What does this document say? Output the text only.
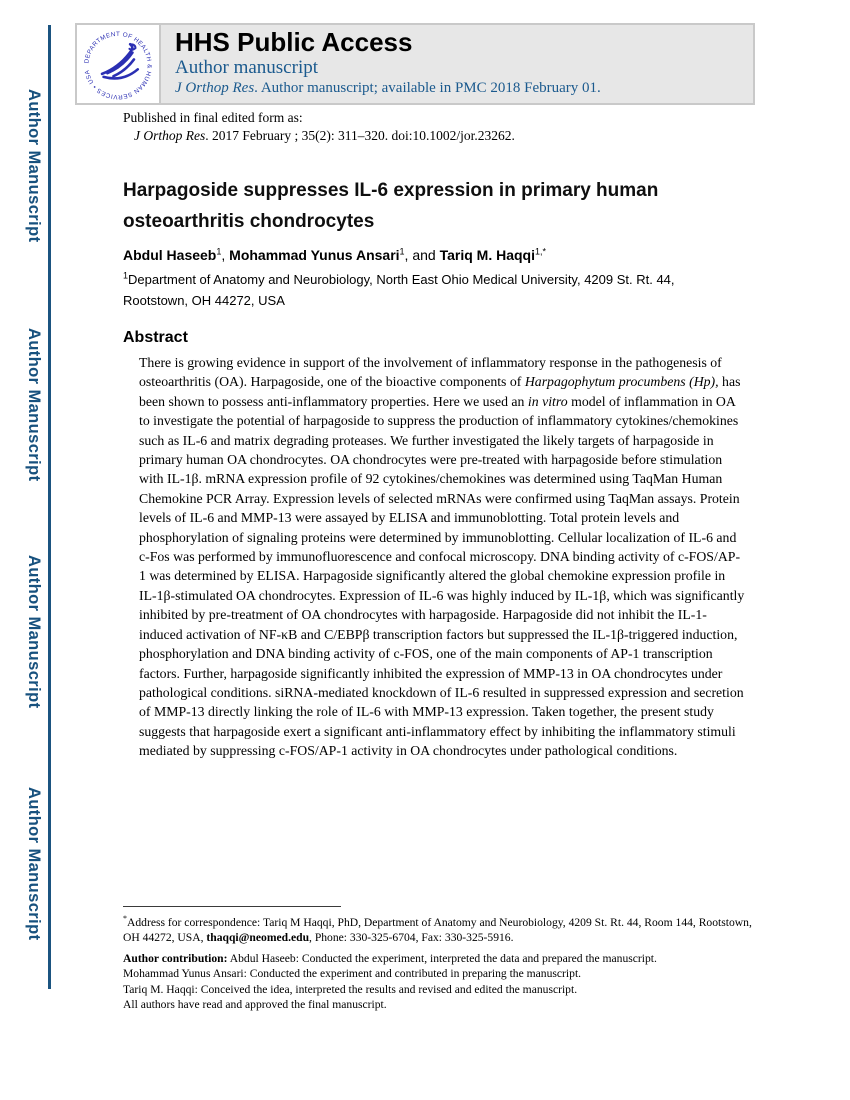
Author Manuscript
Author Manuscript
Author Manuscript
Author Manuscript
DEPARTMENT OF HEALTH & HUMAN SERVICES • USA
HHS Public Access
Author manuscript
J Orthop Res. Author manuscript; available in PMC 2018 February 01.
Published in final edited form as:
J Orthop Res. 2017 February ; 35(2): 311–320. doi:10.1002/jor.23262.
Harpagoside suppresses IL-6 expression in primary human osteoarthritis chondrocytes
Abdul Haseeb$^1$, Mohammad Yunus Ansari$^1$, and Tariq M. Haqqi$^{1,*}$
$^1$Department of Anatomy and Neurobiology, North East Ohio Medical University, 4209 St. Rt. 44, Rootstown, OH 44272, USA
Abstract

There is growing evidence in support of the involvement of inflammatory response in the pathogenesis of osteoarthritis (OA). Harpagoside, one of the bioactive components of Harpagophytum procumbens (Hp), has been shown to possess anti-inflammatory properties. Here we used an in vitro model of inflammation in OA to investigate the potential of harpagoside to suppress the production of inflammatory cytokines/chemokines such as IL-6 and matrix degrading proteases. We further investigated the likely targets of harpagoside in primary human OA chondrocytes. OA chondrocytes were pre-treated with harpagoside before stimulation with IL-1β. mRNA expression profile of 92 cytokines/chemokines was determined using TaqMan Human Chemokine PCR Array. Expression levels of selected mRNAs were confirmed using TaqMan assays. Protein levels of IL-6 and MMP-13 were assayed by ELISA and immunoblotting. Total protein levels and phosphorylation of signaling proteins were determined by immunoblotting. Cellular localization of IL-6 and c-Fos was performed by immunofluorescence and confocal microscopy. DNA binding activity of c-FOS/AP-1 was determined by ELISA. Harpagoside significantly altered the global chemokine expression profile in IL-1β-stimulated OA chondrocytes. Expression of IL-6 was highly induced by IL-1β, which was significantly inhibited by pre-treatment of OA chondrocytes with harpagoside. Harpagoside did not inhibit the IL-1-induced activation of NF-κB and C/EBPβ transcription factors but suppressed the IL-1β-triggered induction, phosphorylation and DNA binding activity of c-FOS, one of the main components of AP-1 transcription factors. Further, harpagoside significantly inhibited the expression of MMP-13 in OA chondrocytes under pathological conditions. siRNA-mediated knockdown of IL-6 resulted in suppressed expression and secretion of MMP-13 directly linking the role of IL-6 with MMP-13 expression. Taken together, the present study suggests that harpagoside exert a significant anti-inflammatory effect by inhibiting the inflammatory stimuli mediated by suppressing c-FOS/AP-1 activity in OA chondrocytes under pathological conditions.

*Address for correspondence: Tariq M Haqqi, PhD, Department of Anatomy and Neurobiology, 4209 St. Rt. 44, Room 144, Rootstown, OH 44272, USA, thaqqi@neomed.edu, Phone: 330-325-6704, Fax: 330-325-5916.

Author contribution: Abdul Haseeb: Conducted the experiment, interpreted the data and prepared the manuscript.

Mohammad Yunus Ansari: Conducted the experiment and contributed in preparing the manuscript.

Tariq M. Haqqi: Conceived the idea, interpreted the results and revised and edited the manuscript.

All authors have read and approved the final manuscript.
